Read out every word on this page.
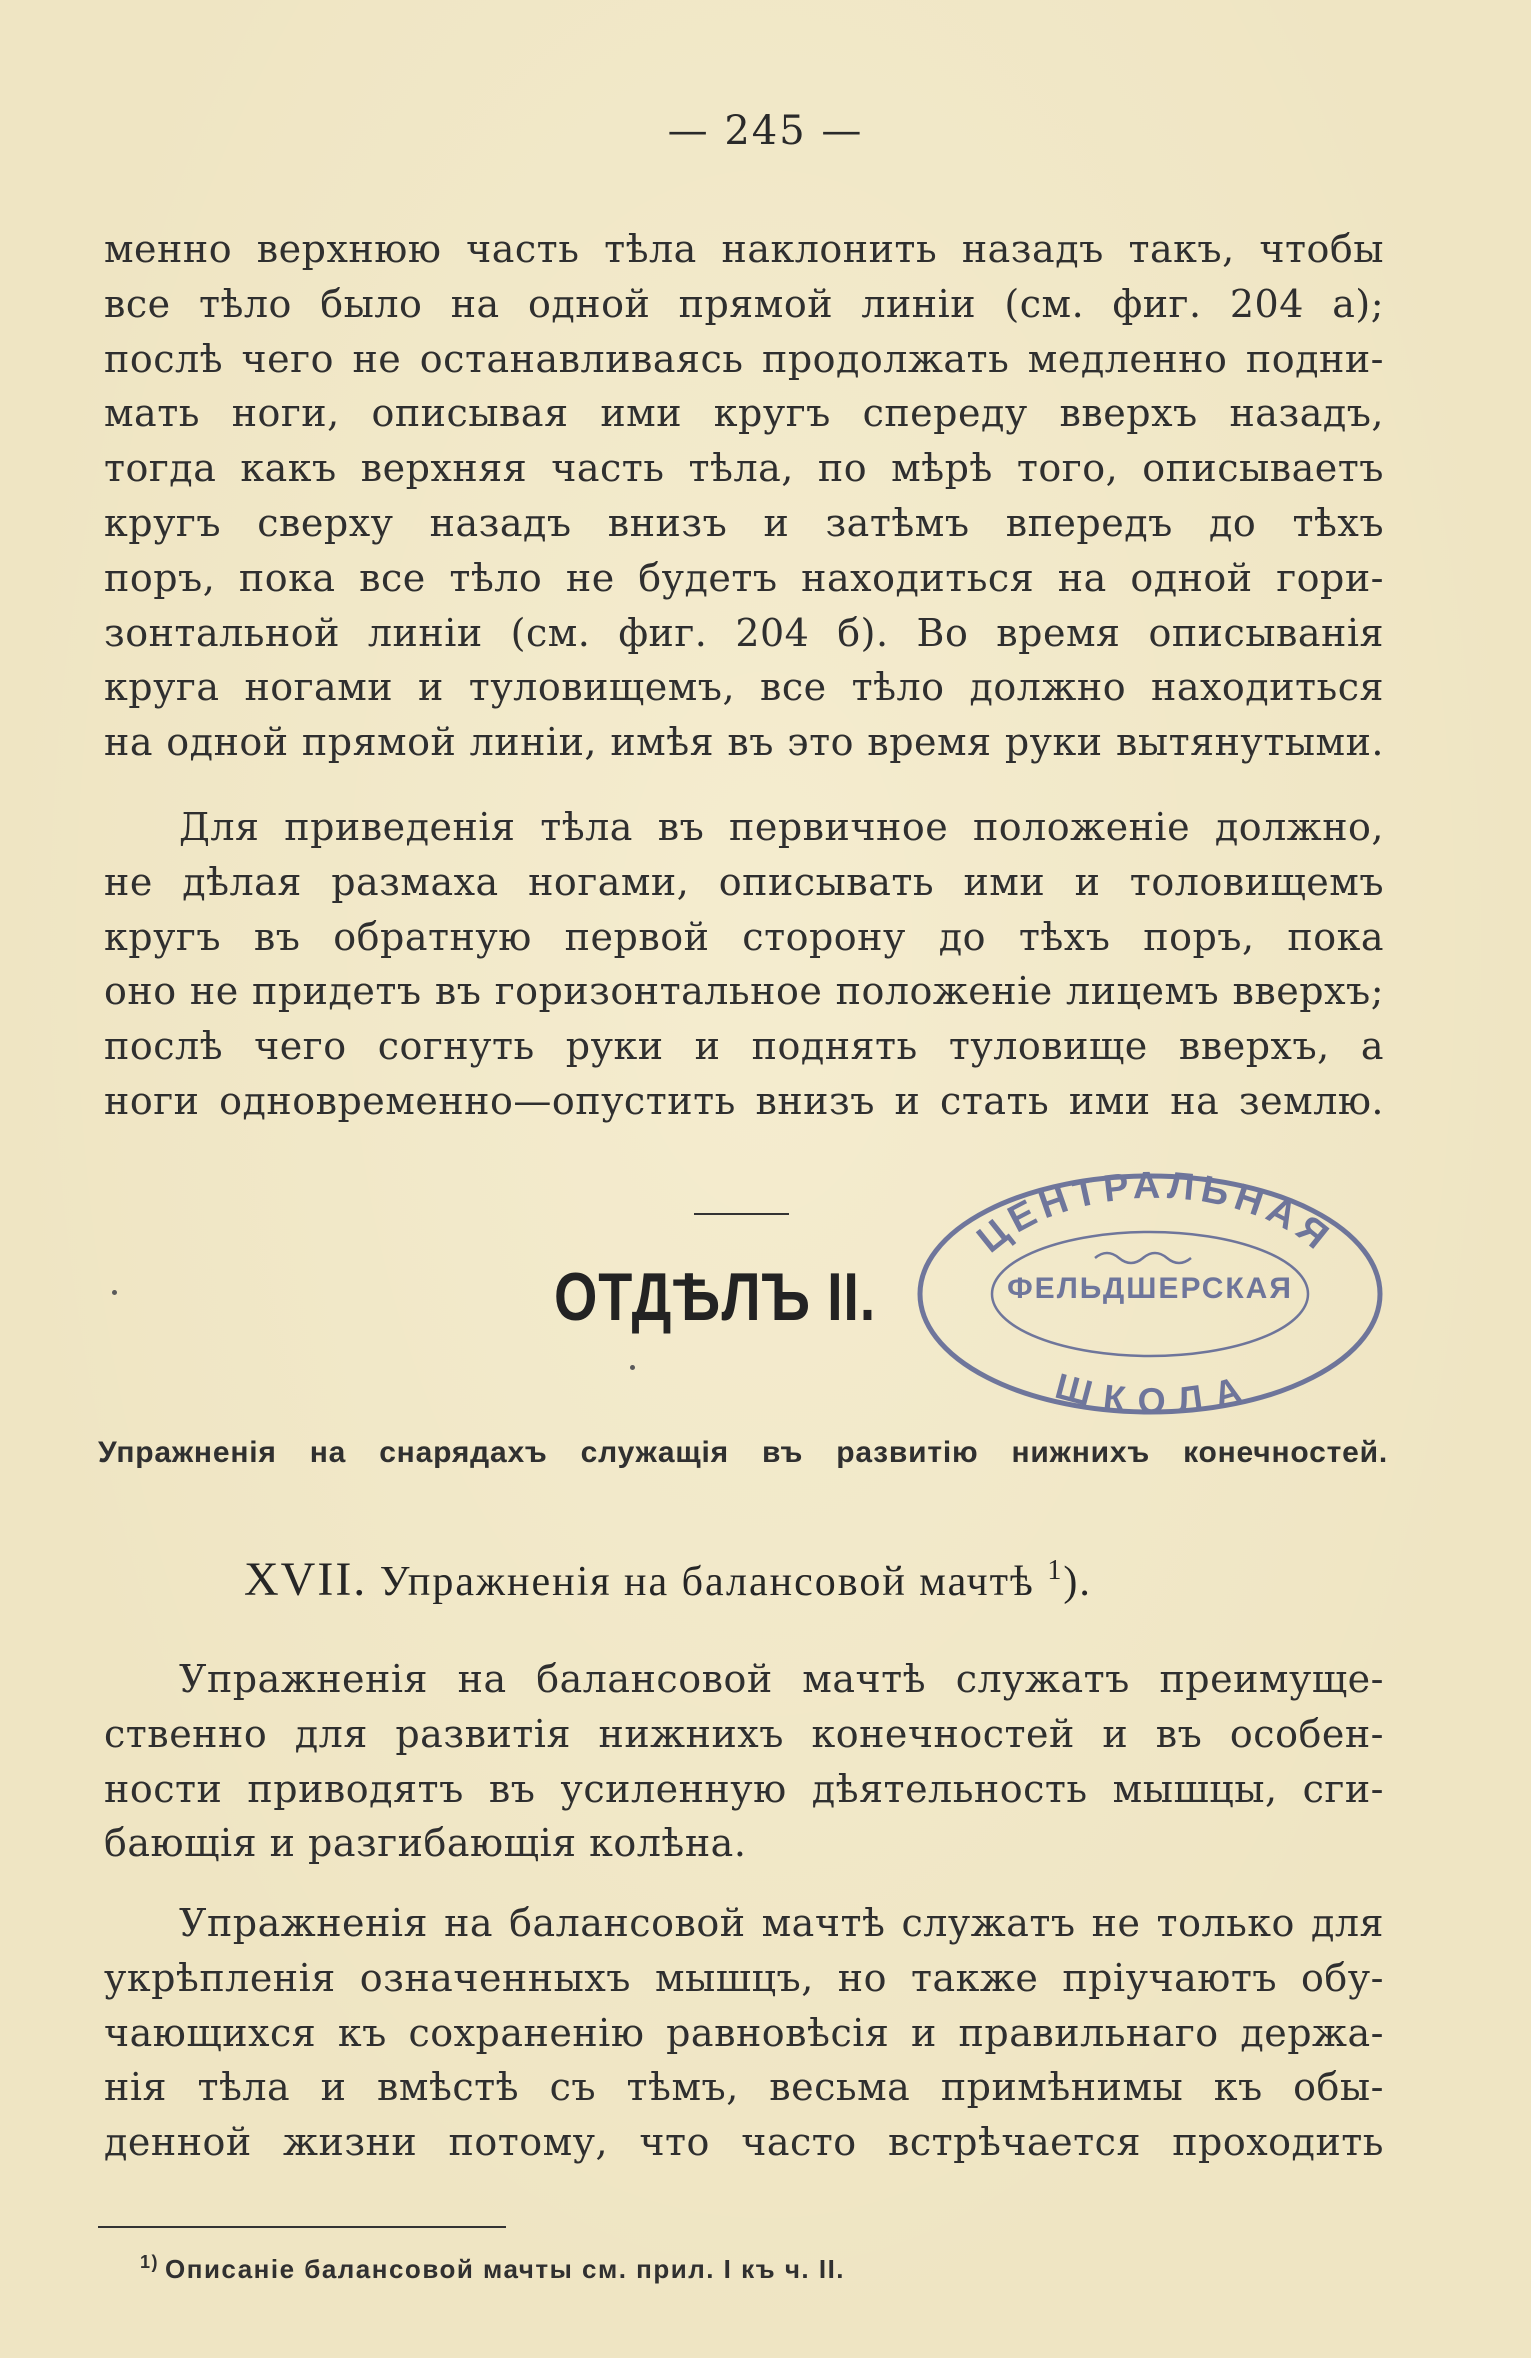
— 245 —
менно верхнюю часть тѣла наклонить назадъ такъ, чтобы
все тѣло было на одной прямой линіи (см. фиг. 204 а);
послѣ чего не останавливаясь продолжать медленно подни-
мать ноги, описывая ими кругъ спереду вверхъ назадъ,
тогда какъ верхняя часть тѣла, по мѣрѣ того, описываетъ
кругъ сверху назадъ внизъ и затѣмъ впередъ до тѣхъ
поръ, пока все тѣло не будетъ находиться на одной гори-
зонтальной линіи (см. фиг. 204 б). Во время описыванія
круга ногами и туловищемъ, все тѣло должно находиться
на одной прямой линіи, имѣя въ это время руки вытянутыми.
Для приведенія тѣла въ первичное положеніе должно,
не дѣлая размаха ногами, описывать ими и толовищемъ
кругъ въ обратную первой сторону до тѣхъ поръ, пока
оно не придетъ въ горизонтальное положеніе лицемъ вверхъ;
послѣ чего согнуть руки и поднять туловище вверхъ, а
ноги одновременно—опустить внизъ и стать ими на землю.
ОТДѢЛЪ II.
ЦЕНТРАЛЬНАЯ
ФЕЛЬДШЕРСКАЯ
ШКОЛА
Упражненія на снарядахъ служащія въ развитію нижнихъ конечностей.
XVII. Упражненія на балансовой мачтѣ $^1$).
Упражненія на балансовой мачтѣ служатъ преимуще-
ственно для развитія нижнихъ конечностей и въ особен-
ности приводятъ въ усиленную дѣятельность мышцы, сги-
бающія и разгибающія колѣна.
Упражненія на балансовой мачтѣ служатъ не только для
укрѣпленія означенныхъ мышцъ, но также пріучаютъ обу-
чающихся къ сохраненію равновѣсія и правильнаго держа-
нія тѣла и вмѣстѣ съ тѣмъ, весьма примѣнимы къ обы-
денной жизни потому, что часто встрѣчается проходить
$^{1)}$ Описаніе балансовой мачты см. прил. I къ ч. II.
